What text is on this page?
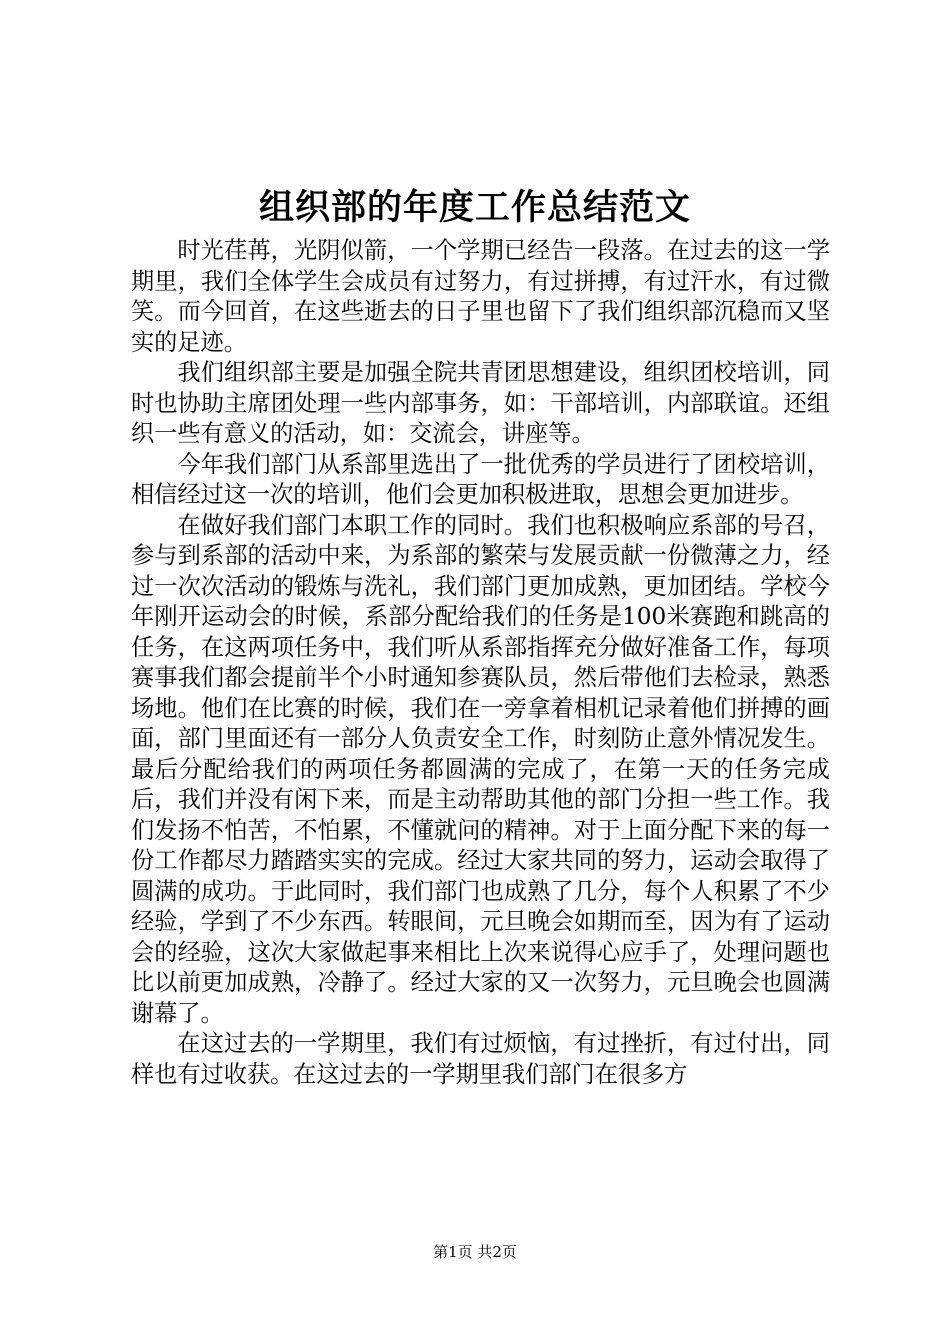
组织部的年度工作总结范文

时光荏苒，光阴似箭，一个学期已经告一段落。在过去的这一学期里，我们全体学生会成员有过努力，有过拼搏，有过汗水，有过微笑。而今回首，在这些逝去的日子里也留下了我们组织部沉稳而又坚实的足迹。

我们组织部主要是加强全院共青团思想建设，组织团校培训，同时也协助主席团处理一些内部事务，如：干部培训，内部联谊。还组织一些有意义的活动，如：交流会，讲座等。

今年我们部门从系部里选出了一批优秀的学员进行了团校培训，相信经过这一次的培训，他们会更加积极进取，思想会更加进步。

在做好我们部门本职工作的同时。我们也积极响应系部的号召，参与到系部的活动中来，为系部的繁荣与发展贡献一份微薄之力，经过一次次活动的锻炼与洗礼，我们部门更加成熟，更加团结。学校今年刚开运动会的时候，系部分配给我们的任务是100米赛跑和跳高的任务，在这两项任务中，我们听从系部指挥充分做好准备工作，每项赛事我们都会提前半个小时通知参赛队员，然后带他们去检录，熟悉场地。他们在比赛的时候，我们在一旁拿着相机记录着他们拼搏的画面，部门里面还有一部分人负责安全工作，时刻防止意外情况发生。最后分配给我们的两项任务都圆满的完成了，在第一天的任务完成后，我们并没有闲下来，而是主动帮助其他的部门分担一些工作。我们发扬不怕苦，不怕累，不懂就问的精神。对于上面分配下来的每一份工作都尽力踏踏实实的完成。经过大家共同的努力，运动会取得了圆满的成功。于此同时，我们部门也成熟了几分，每个人积累了不少经验，学到了不少东西。转眼间，元旦晚会如期而至，因为有了运动会的经验，这次大家做起事来相比上次来说得心应手了，处理问题也比以前更加成熟，冷静了。经过大家的又一次努力，元旦晚会也圆满谢幕了。

在这过去的一学期里，我们有过烦恼，有过挫折，有过付出，同样也有过收获。在这过去的一学期里我们部门在很多方

第1页 共2页
